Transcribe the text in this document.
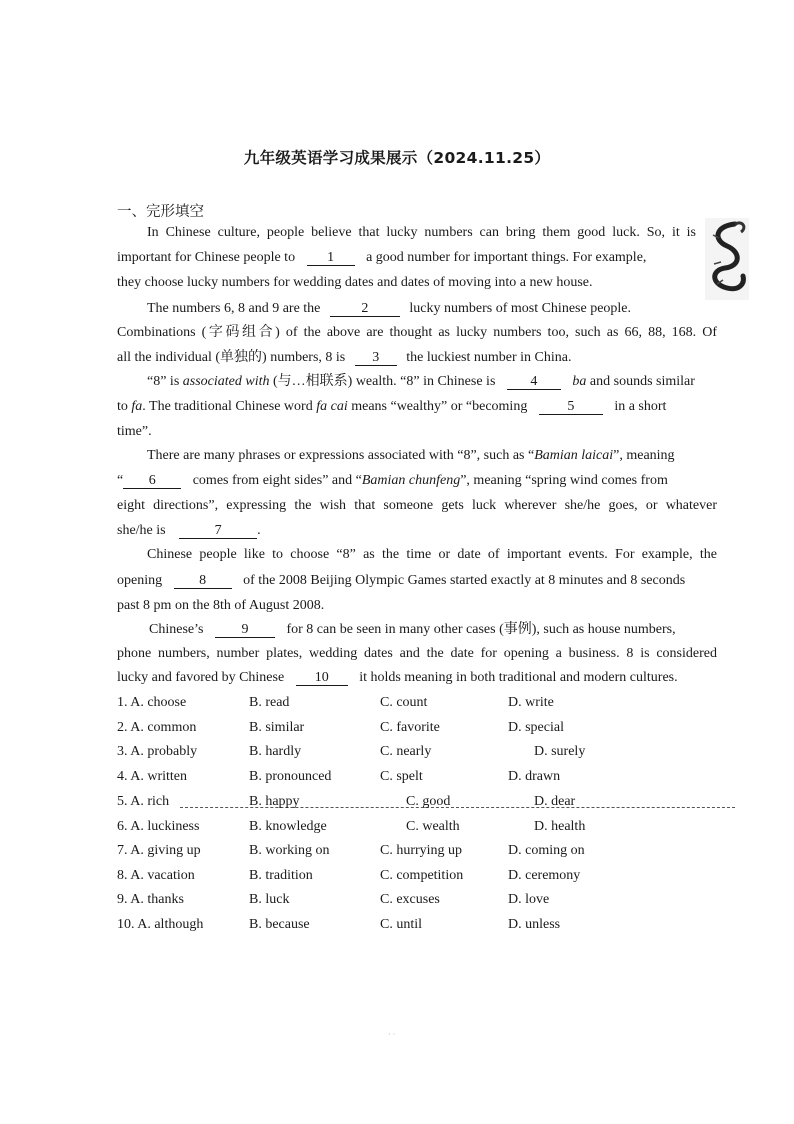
九年级英语学习成果展示（2024.11.25）
一、完形填空
In Chinese culture, people believe that lucky numbers can bring them good luck. So, it is
important for Chinese people to 1 a good number for important things. For example,
they choose lucky numbers for wedding dates and dates of moving into a new house.
The numbers 6, 8 and 9 are the	2	lucky numbers of most Chinese people.
Combinations (字码组合) of the above are thought as lucky numbers too, such as 66, 88, 168. Of
all the individual (单独的) numbers, 8 is 3 the luckiest number in China.
“8” is associated with (与…相联系) wealth. “8” in Chinese is	4	ba and sounds similar
to fa. The traditional Chinese word fa cai means “wealthy” or “becoming	5	in a short
time”.
There are many phrases or expressions associated with “8”, such as “Bamian laicai”, meaning
“ 6	comes from eight sides” and “Bamian chunfeng”, meaning “spring wind comes from
eight directions”, expressing the wish that someone gets luck wherever she/he goes, or whatever
she/he is	7	.
Chinese people like to choose “8” as the time or date of important events. For example, the
opening	8	of the 2008 Beijing Olympic Games started exactly at 8 minutes and 8 seconds
past 8 pm on the 8th of August 2008.
Chinese’s	9	for 8 can be seen in many other cases (事例), such as house numbers,
phone numbers, number plates, wedding dates and the date for opening a business. 8 is considered
lucky and favored by Chinese 10 it holds meaning in both traditional and modern cultures.
1. A. choose	B. read	C. count	D. write
2. A. common	B. similar	C. favorite	D. special
3. A. probably	B. hardly	C. nearly	D. surely
4. A. written	B. pronounced	C. spelt	D. drawn
5. A. rich	B. happy	C. good	D. dear
6. A. luckiness	B. knowledge	C. wealth	D. health
7. A. giving up	B. working on	C. hurrying up	D. coming on
8. A. vacation	B. tradition	C. competition	D. ceremony
9. A. thanks	B. luck	C. excuses	D. love
10. A. although	B. because	C. until	D. unless
· ·
